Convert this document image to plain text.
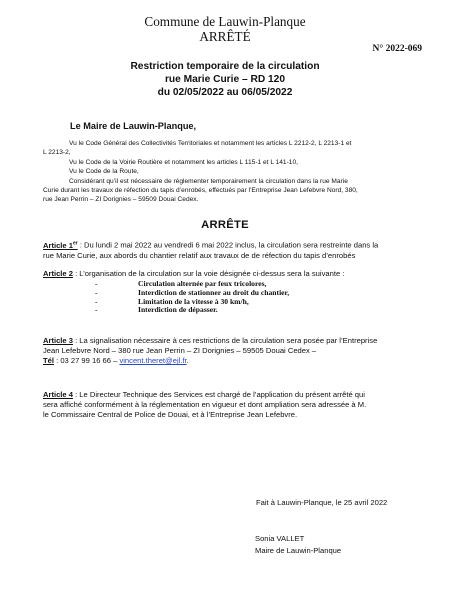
Commune de Lauwin-Planque
ARRÊTÉ
N° 2022-069
Restriction temporaire de la circulation
rue Marie Curie – RD 120
du 02/05/2022 au 06/05/2022
Le Maire de Lauwin-Planque,

Vu le Code Général des Collectivités Territoriales et notamment les articles L 2212-2, L 2213-1 et

L 2213-2,

Vu le Code de la Voirie Routière et notamment les articles L 115-1 et L 141-10,

Vu le Code de la Route,

Considérant qu’il est nécessaire de réglementer temporairement la circulation dans la rue Marie

Curie durant les travaux de réfection du tapis d’enrobés, effectués par l’Entreprise Jean Lefebvre Nord, 380,

rue Jean Perrin – ZI Dorignies – 59509 Douai Cedex.

ARRÊTE

Article 1er : Du lundi 2 mai 2022 au vendredi 6 mai 2022 inclus, la circulation sera restreinte dans la

rue Marie Curie, aux abords du chantier relatif aux travaux de de réfection du tapis d’enrobés

Article 2 : L’organisation de la circulation sur la voie désignée ci-dessus sera la suivante :

-	Circulation alternée par feux tricolores,
-	Interdiction de stationner au droit du chantier,
-	Limitation de la vitesse à 30 km/h,
-	Interdiction de dépasser.

Article 3 : La signalisation nécessaire à ces restrictions de la circulation sera posée par l’Entreprise

Jean Lefebvre Nord – 380 rue Jean Perrin – ZI Dorignies – 59505 Douai Cedex –

Tél : 03 27 99 16 66 – vincent.theret@ejl.fr.

Article 4 : Le Directeur Technique des Services est chargé de l’application du présent arrêté qui

sera affiché conformément à la réglementation en vigueur et dont ampliation sera adressée à M.

le Commissaire Central de Police de Douai, et à l’Entreprise Jean Lefebvre.

Fait à Lauwin-Planque, le 25 avril 2022
Sonia VALLET
Maire de Lauwin-Planque
